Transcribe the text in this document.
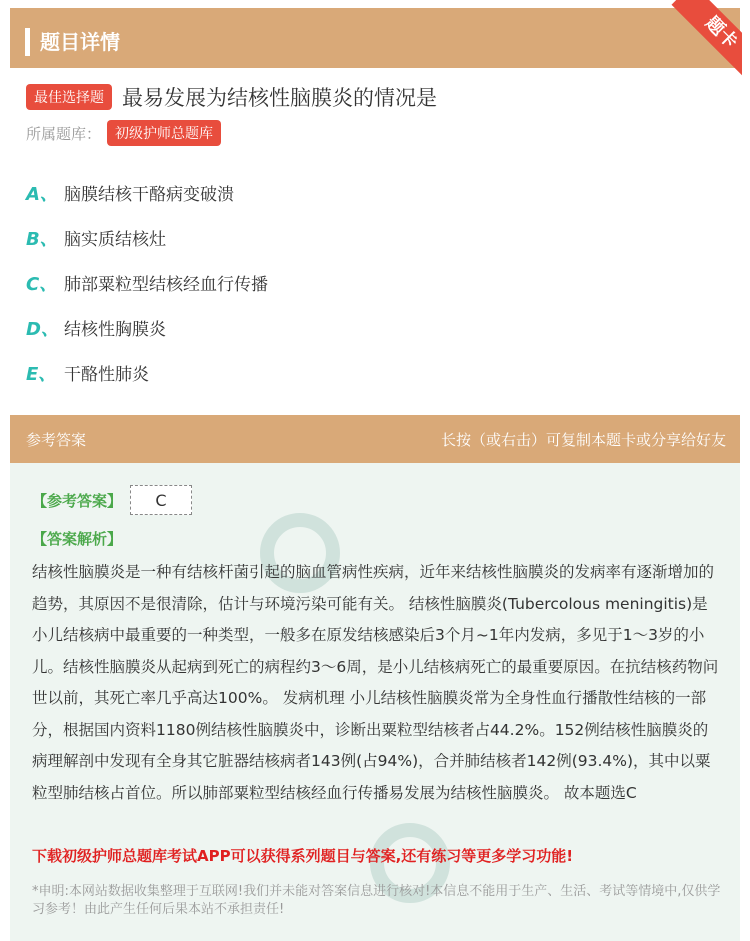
题目详情	题卡
最佳选择题 最易发展为结核性脑膜炎的情况是
所属题库：	初级护师总题库
A、 脑膜结核干酪病变破溃
B、 脑实质结核灶
C、 肺部粟粒型结核经血行传播
D、 结核性胸膜炎
E、 干酪性肺炎
参考答案	长按（或右击）可复制本题卡或分享给好友
【参考答案】	C
【答案解析】
结核性脑膜炎是一种有结核杆菌引起的脑血管病性疾病，近年来结核性脑膜炎的发病率有逐渐增加的趋势，其原因不是很清除，估计与环境污染可能有关。 结核性脑膜炎(Tubercolous meningitis)是小儿结核病中最重要的一种类型，一般多在原发结核感染后3个月~1年内发病，多见于1～3岁的小儿。结核性脑膜炎从起病到死亡的病程约3～6周，是小儿结核病死亡的最重要原因。在抗结核药物问世以前，其死亡率几乎高达100%。 发病机理 小儿结核性脑膜炎常为全身性血行播散性结核的一部分，根据国内资料1180例结核性脑膜炎中，诊断出粟粒型结核者占44.2%。152例结核性脑膜炎的病理解剖中发现有全身其它脏器结核病者143例(占94%)，合并肺结核者142例(93.4%)，其中以粟粒型肺结核占首位。所以肺部粟粒型结核经血行传播易发展为结核性脑膜炎。 故本题选C
下载初级护师总题库考试APP可以获得系列题目与答案,还有练习等更多学习功能!
*申明:本网站数据收集整理于互联网!我们并未能对答案信息进行核对!本信息不能用于生产、生活、考试等情境中,仅供学习参考！由此产生任何后果本站不承担责任!
